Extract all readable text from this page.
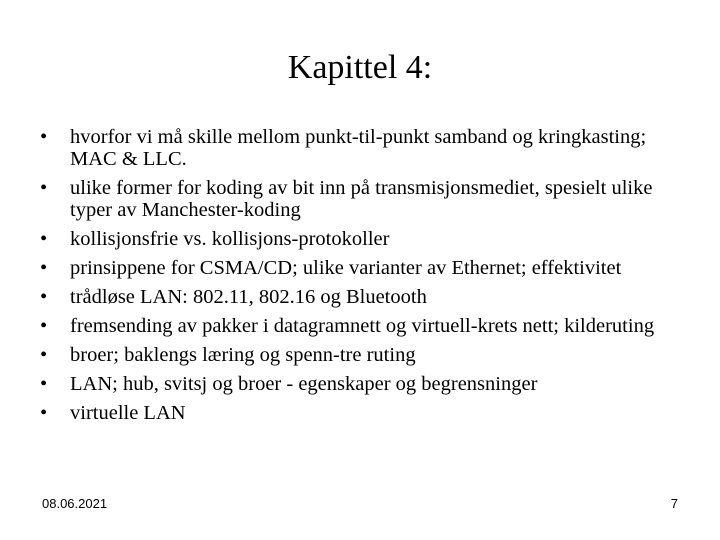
Kapittel 4:
•	hvorfor vi må skille mellom punkt-til-punkt samband og kringkasting; MAC & LLC.
•	ulike former for koding av bit inn på transmisjonsmediet, spesielt ulike typer av Manchester-koding
•	kollisjonsfrie vs. kollisjons-protokoller
•	prinsippene for CSMA/CD; ulike varianter av Ethernet; effektivitet
•	trådløse LAN: 802.11, 802.16 og Bluetooth
•	fremsending av pakker i datagramnett og virtuell-krets nett; kilderuting
•	broer; baklengs læring og spenn-tre ruting
•	LAN; hub, svitsj og broer - egenskaper og begrensninger
•	virtuelle LAN
08.06.2021	7
